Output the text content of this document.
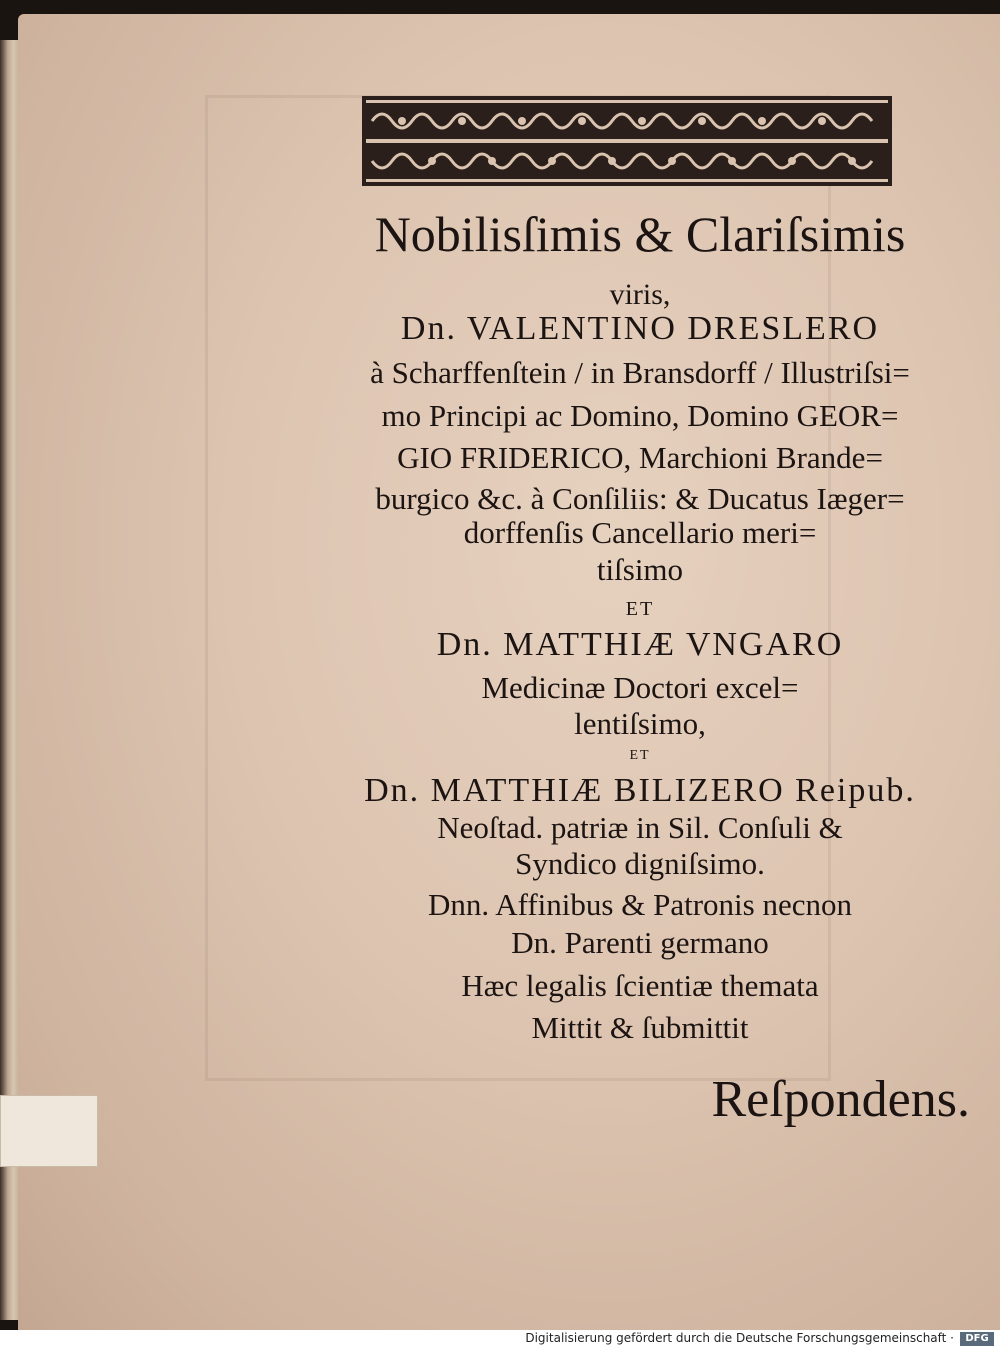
Nobilisſimis & Clariſsimis
viris,
Dn. VALENTINO DRESLERO
à Scharffenſtein / in Bransdorff / Illustriſsi=
mo Principi ac Domino, Domino GEOR=
GIO FRIDERICO, Marchioni Brande=
burgico &c. à Conſiliis: & Ducatus Iæger=
dorffenſis Cancellario meri=
tiſsimo
ET
Dn. MATTHIÆ VNGARO
Medicinæ Doctori excel=
lentiſsimo,
ET
Dn. MATTHIÆ BILIZERO Reipub.
Neoſtad. patriæ in Sil. Conſuli &
Syndico digniſsimo.
Dnn. Affinibus & Patronis necnon
Dn. Parenti germano
Hæc legalis ſcientiæ themata
Mittit & ſubmittit
Reſpondens.
Digitalisierung gefördert durch die Deutsche Forschungsgemeinschaft ·	DFG
